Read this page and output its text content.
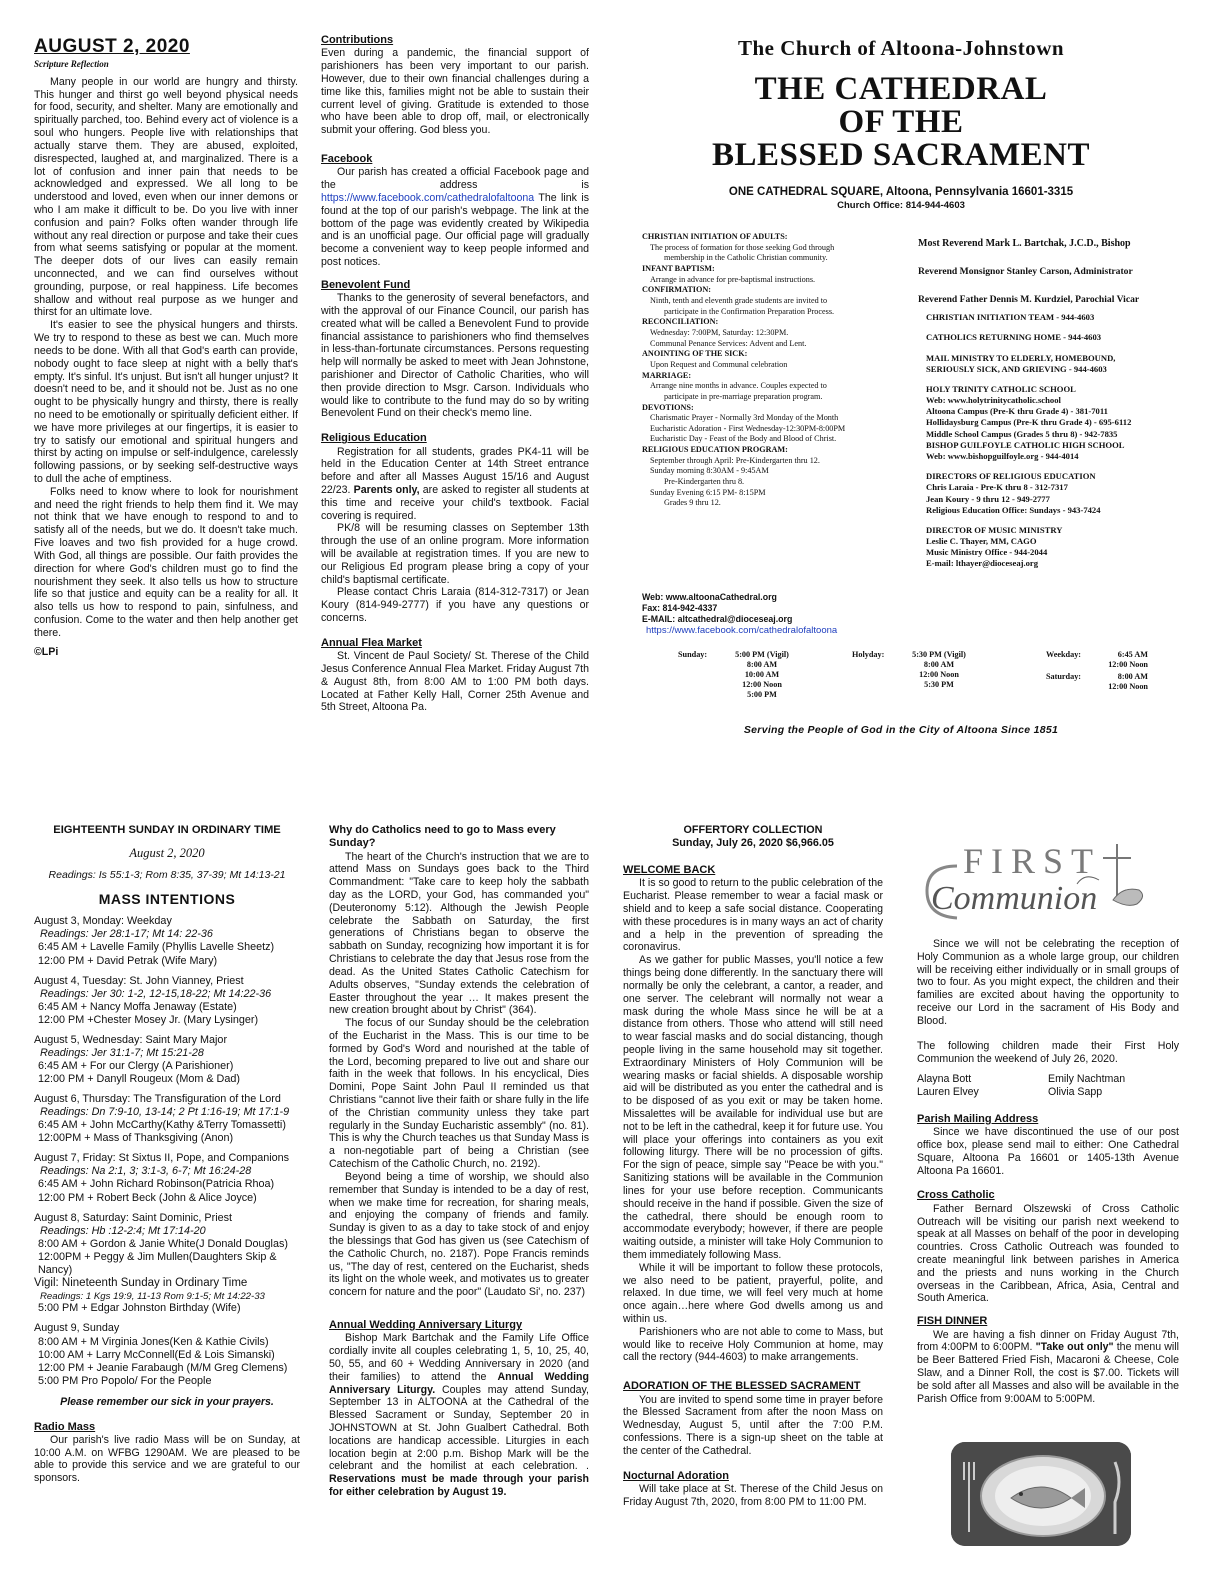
AUGUST 2, 2020
Scripture Reflection

Many people in our world are hungry and thirsty. This hunger and thirst go well beyond physical needs for food, security, and shelter. Many are emotionally and spiritually parched, too. Behind every act of violence is a soul who hungers. People live with relationships that actually starve them. They are abused, exploited, disrespected, laughed at, and marginalized. There is a lot of confusion and inner pain that needs to be acknowledged and expressed. We all long to be understood and loved, even when our inner demons or who I am make it difficult to be. Do you live with inner confusion and pain? Folks often wander through life without any real direction or purpose and take their cues from what seems satisfying or popular at the moment. The deeper dots of our lives can easily remain unconnected, and we can find ourselves without grounding, purpose, or real happiness. Life becomes shallow and without real purpose as we hunger and thirst for an ultimate love.

It's easier to see the physical hungers and thirsts. We try to respond to these as best we can. Much more needs to be done. With all that God's earth can provide, nobody ought to face sleep at night with a belly that's empty. It's sinful. It's unjust. But isn't all hunger unjust? It doesn't need to be, and it should not be. Just as no one ought to be physically hungry and thirsty, there is really no need to be emotionally or spiritually deficient either. If we have more privileges at our fingertips, it is easier to try to satisfy our emotional and spiritual hungers and thirst by acting on impulse or self-indulgence, carelessly following passions, or by seeking self-destructive ways to dull the ache of emptiness.

Folks need to know where to look for nourishment and need the right friends to help them find it. We may not think that we have enough to respond to and to satisfy all of the needs, but we do. It doesn't take much. Five loaves and two fish provided for a huge crowd. With God, all things are possible. Our faith provides the direction for where God's children must go to find the nourishment they seek. It also tells us how to structure life so that justice and equity can be a reality for all. It also tells us how to respond to pain, sinfulness, and confusion. Come to the water and then help another get there.

©LPi
Contributions

Even during a pandemic, the financial support of parishioners has been very important to our parish. However, due to their own financial challenges during a time like this, families might not be able to sustain their current level of giving. Gratitude is extended to those who have been able to drop off, mail, or electronically submit your offering. God bless you.

Facebook

Our parish has created a official Facebook page and the address is https://www.facebook.com/cathedralofaltoona The link is found at the top of our parish's webpage. The link at the bottom of the page was evidently created by Wikipedia and is an unofficial page. Our official page will gradually become a convenient way to keep people informed and post notices.

Benevolent Fund

Thanks to the generosity of several benefactors, and with the approval of our Finance Council, our parish has created what will be called a Benevolent Fund to provide financial assistance to parishioners who find themselves in less-than-fortunate circumstances. Persons requesting help will normally be asked to meet with Jean Johnstone, parishioner and Director of Catholic Charities, who will then provide direction to Msgr. Carson. Individuals who would like to contribute to the fund may do so by writing Benevolent Fund on their check's memo line.

Religious Education

Registration for all students, grades PK4-11 will be held in the Education Center at 14th Street entrance before and after all Masses August 15/16 and August 22/23. Parents only, are asked to register all students at this time and receive your child's textbook. Facial covering is required.

PK/8 will be resuming classes on September 13th through the use of an online program. More information will be available at registration times. If you are new to our Religious Ed program please bring a copy of your child's baptismal certificate.

Please contact Chris Laraia (814-312-7317) or Jean Koury (814-949-2777) if you have any questions or concerns.

Annual Flea Market

St. Vincent de Paul Society/ St. Therese of the Child Jesus Conference Annual Flea Market. Friday August 7th & August 8th, from 8:00 AM to 1:00 PM both days. Located at Father Kelly Hall, Corner 25th Avenue and 5th Street, Altoona Pa.

The Church of Altoona-Johnstown
THE CATHEDRAL
OF THE
BLESSED SACRAMENT
ONE CATHEDRAL SQUARE, Altoona, Pennsylvania 16601-3315
Church Office: 814-944-4603
CHRISTIAN INITIATION OF ADULTS:
The process of formation for those seeking God through
membership in the Catholic Christian community.
INFANT BAPTISM:
Arrange in advance for pre-baptismal instructions.
CONFIRMATION:
Ninth, tenth and eleventh grade students are invited to
participate in the Confirmation Preparation Process.
RECONCILIATION:
Wednesday: 7:00PM, Saturday: 12:30PM.
Communal Penance Services: Advent and Lent.
ANOINTING OF THE SICK:
Upon Request and Communal celebration
MARRIAGE:
Arrange nine months in advance. Couples expected to
participate in pre-marriage preparation program.
DEVOTIONS:
Charismatic Prayer - Normally 3rd Monday of the Month
Eucharistic Adoration - First Wednesday-12:30PM-8:00PM
Eucharistic Day - Feast of the Body and Blood of Christ.
RELIGIOUS EDUCATION PROGRAM:
September through April: Pre-Kindergarten thru 12.
Sunday morning 8:30AM - 9:45AM
Pre-Kindergarten thru 8.
Sunday Evening 6:15 PM- 8:15PM
Grades 9 thru 12.
Web: www.altoonaCathedral.org
Fax: 814-942-4337
E-MAIL: altcathedral@dioceseaj.org
https://www.facebook.com/cathedralofaltoona
Most Reverend Mark L. Bartchak, J.C.D., Bishop
Reverend Monsignor Stanley Carson, Administrator
Reverend Father Dennis M. Kurdziel, Parochial Vicar
CHRISTIAN INITIATION TEAM - 944-4603
CATHOLICS RETURNING HOME - 944-4603
MAIL MINISTRY TO ELDERLY, HOMEBOUND,
SERIOUSLY SICK, AND GRIEVING - 944-4603
HOLY TRINITY CATHOLIC SCHOOL
Web: www.holytrinitycatholic.school
Altoona Campus (Pre-K thru Grade 4) - 381-7011
Hollidaysburg Campus (Pre-K thru Grade 4) - 695-6112
Middle School Campus (Grades 5 thru 8) - 942-7835
BISHOP GUILFOYLE CATHOLIC HIGH SCHOOL
Web: www.bishopguilfoyle.org - 944-4014
DIRECTORS OF RELIGIOUS EDUCATION
Chris Laraia - Pre-K thru 8 - 312-7317
Jean Koury - 9 thru 12 - 949-2777
Religious Education Office: Sundays - 943-7424
DIRECTOR OF MUSIC MINISTRY
Leslie C. Thayer, MM, CAGO
Music Ministry Office - 944-2044
E-mail: lthayer@dioceseaj.org
Sunday:	5:00 PM (Vigil)
8:00 AM
10:00 AM
12:00 Noon
5:00 PM
Holyday:	5:30 PM (Vigil)
8:00 AM
12:00 Noon
5:30 PM
Weekday:	6:45 AM
12:00 Noon
Saturday:	8:00 AM
12:00 Noon
Serving the People of God in the City of Altoona Since 1851
EIGHTEENTH SUNDAY IN ORDINARY TIME
August 2, 2020
Readings: Is 55:1-3; Rom 8:35, 37-39; Mt 14:13-21
MASS INTENTIONS
August 3, Monday: Weekday
Readings: Jer 28:1-17; Mt 14: 22-36
6:45 AM + Lavelle Family (Phyllis Lavelle Sheetz)
12:00 PM + David Petrak (Wife Mary)
August 4, Tuesday: St. John Vianney, Priest
Readings: Jer 30: 1-2, 12-15,18-22; Mt 14:22-36
6:45 AM + Nancy Moffa Jenaway (Estate)
12:00 PM +Chester Mosey Jr. (Mary Lysinger)
August 5, Wednesday: Saint Mary Major
Readings: Jer 31:1-7; Mt 15:21-28
6:45 AM + For our Clergy (A Parishioner)
12:00 PM + Danyll Rougeux (Mom & Dad)
August 6, Thursday: The Transfiguration of the Lord
Readings: Dn 7:9-10, 13-14; 2 Pt 1:16-19; Mt 17:1-9
6:45 AM + John McCarthy(Kathy &Terry Tomassetti)
12:00PM + Mass of Thanksgiving (Anon)
August 7, Friday: St Sixtus II, Pope, and Companions
Readings: Na 2:1, 3; 3:1-3, 6-7; Mt 16:24-28
6:45 AM + John Richard Robinson(Patricia Rhoa)
12:00 PM + Robert Beck (John & Alice Joyce)
August 8, Saturday: Saint Dominic, Priest
Readings: Hb :12-2:4; Mt 17:14-20
8:00 AM + Gordon & Janie White(J Donald Douglas)
12:00PM + Peggy & Jim Mullen(Daughters Skip & Nancy)
Vigil: Nineteenth Sunday in Ordinary Time
Readings: 1 Kgs 19:9, 11-13 Rom 9:1-5; Mt 14:22-33
5:00 PM + Edgar Johnston Birthday (Wife)
August 9, Sunday
8:00 AM + M Virginia Jones(Ken & Kathie Civils)
10:00 AM + Larry McConnell(Ed & Lois Simanski)
12:00 PM + Jeanie Farabaugh (M/M Greg Clemens)
5:00 PM Pro Popolo/ For the People
Please remember our sick in your prayers.
Radio Mass

Our parish's live radio Mass will be on Sunday, at 10:00 A.M. on WFBG 1290AM. We are pleased to be able to provide this service and we are grateful to our sponsors.

Why do Catholics need to go to Mass every Sunday?

The heart of the Church's instruction that we are to attend Mass on Sundays goes back to the Third Commandment: "Take care to keep holy the sabbath day as the LORD, your God, has commanded you" (Deuteronomy 5:12). Although the Jewish People celebrate the Sabbath on Saturday, the first generations of Christians began to observe the sabbath on Sunday, recognizing how important it is for Christians to celebrate the day that Jesus rose from the dead. As the United States Catholic Catechism for Adults observes, "Sunday extends the celebration of Easter throughout the year … It makes present the new creation brought about by Christ" (364).

The focus of our Sunday should be the celebration of the Eucharist in the Mass. This is our time to be formed by God's Word and nourished at the table of the Lord, becoming prepared to live out and share our faith in the week that follows. In his encyclical, Dies Domini, Pope Saint John Paul II reminded us that Christians "cannot live their faith or share fully in the life of the Christian community unless they take part regularly in the Sunday Eucharistic assembly" (no. 81). This is why the Church teaches us that Sunday Mass is a non-negotiable part of being a Christian (see Catechism of the Catholic Church, no. 2192).

Beyond being a time of worship, we should also remember that Sunday is intended to be a day of rest, when we make time for recreation, for sharing meals, and enjoying the company of friends and family. Sunday is given to as a day to take stock of and enjoy the blessings that God has given us (see Catechism of the Catholic Church, no. 2187). Pope Francis reminds us, "The day of rest, centered on the Eucharist, sheds its light on the whole week, and motivates us to greater concern for nature and the poor" (Laudato Si', no. 237)

Annual Wedding Anniversary Liturgy

Bishop Mark Bartchak and the Family Life Office cordially invite all couples celebrating 1, 5, 10, 25, 40, 50, 55, and 60 + Wedding Anniversary in 2020 (and their families) to attend the Annual Wedding Anniversary Liturgy. Couples may attend Sunday, September 13 in ALTOONA at the Cathedral of the Blessed Sacrament or Sunday, September 20 in JOHNSTOWN at St. John Gualbert Cathedral. Both locations are handicap accessible. Liturgies in each location begin at 2:00 p.m. Bishop Mark will be the celebrant and the homilist at each celebration. . Reservations must be made through your parish for either celebration by August 19.

OFFERTORY COLLECTION
Sunday, July 26, 2020 $6,966.05
WELCOME BACK

It is so good to return to the public celebration of the Eucharist. Please remember to wear a facial mask or shield and to keep a safe social distance. Cooperating with these procedures is in many ways an act of charity and a help in the prevention of spreading the coronavirus.

As we gather for public Masses, you'll notice a few things being done differently. In the sanctuary there will normally be only the celebrant, a cantor, a reader, and one server. The celebrant will normally not wear a mask during the whole Mass since he will be at a distance from others. Those who attend will still need to wear fascial masks and do social distancing, though people living in the same household may sit together. Extraordinary Ministers of Holy Communion will be wearing masks or facial shields. A disposable worship aid will be distributed as you enter the cathedral and is to be disposed of as you exit or may be taken home. Missalettes will be available for individual use but are not to be left in the cathedral, keep it for future use. You will place your offerings into containers as you exit following liturgy. There will be no procession of gifts. For the sign of peace, simple say "Peace be with you." Sanitizing stations will be available in the Communion lines for your use before reception. Communicants should receive in the hand if possible. Given the size of the cathedral, there should be enough room to accommodate everybody; however, if there are people waiting outside, a minister will take Holy Communion to them immediately following Mass.

While it will be important to follow these protocols, we also need to be patient, prayerful, polite, and relaxed. In due time, we will feel very much at home once again…here where God dwells among us and within us.

Parishioners who are not able to come to Mass, but would like to receive Holy Communion at home, may call the rectory (944-4603) to make arrangements.

ADORATION OF THE BLESSED SACRAMENT

You are invited to spend some time in prayer before the Blessed Sacrament from after the noon Mass on Wednesday, August 5, until after the 7:00 P.M. confessions. There is a sign-up sheet on the table at the center of the Cathedral.

Nocturnal Adoration

Will take place at St. Therese of the Child Jesus on Friday August 7th, 2020, from 8:00 PM to 11:00 PM.

FIRST
Communion

Since we will not be celebrating the reception of Holy Communion as a whole large group, our children will be receiving either individually or in small groups of two to four. As you might expect, the children and their families are excited about having the opportunity to receive our Lord in the sacrament of His Body and Blood.

The following children made their First Holy Communion the weekend of July 26, 2020.

Alayna Bott	Emily Nachtman
Lauren Elvey	Olivia Sapp
Parish Mailing Address

Since we have discontinued the use of our post office box, please send mail to either: One Cathedral Square, Altoona Pa 16601 or 1405-13th Avenue Altoona Pa 16601.

Cross Catholic

Father Bernard Olszewski of Cross Catholic Outreach will be visiting our parish next weekend to speak at all Masses on behalf of the poor in developing countries. Cross Catholic Outreach was founded to create meaningful link between parishes in America and the priests and nuns working in the Church overseas in the Caribbean, Africa, Asia, Central and South America.

FISH DINNER

We are having a fish dinner on Friday August 7th, from 4:00PM to 6:00PM. "Take out only" the menu will be Beer Battered Fried Fish, Macaroni & Cheese, Cole Slaw, and a Dinner Roll, the cost is $7.00. Tickets will be sold after all Masses and also will be available in the Parish Office from 9:00AM to 5:00PM.
